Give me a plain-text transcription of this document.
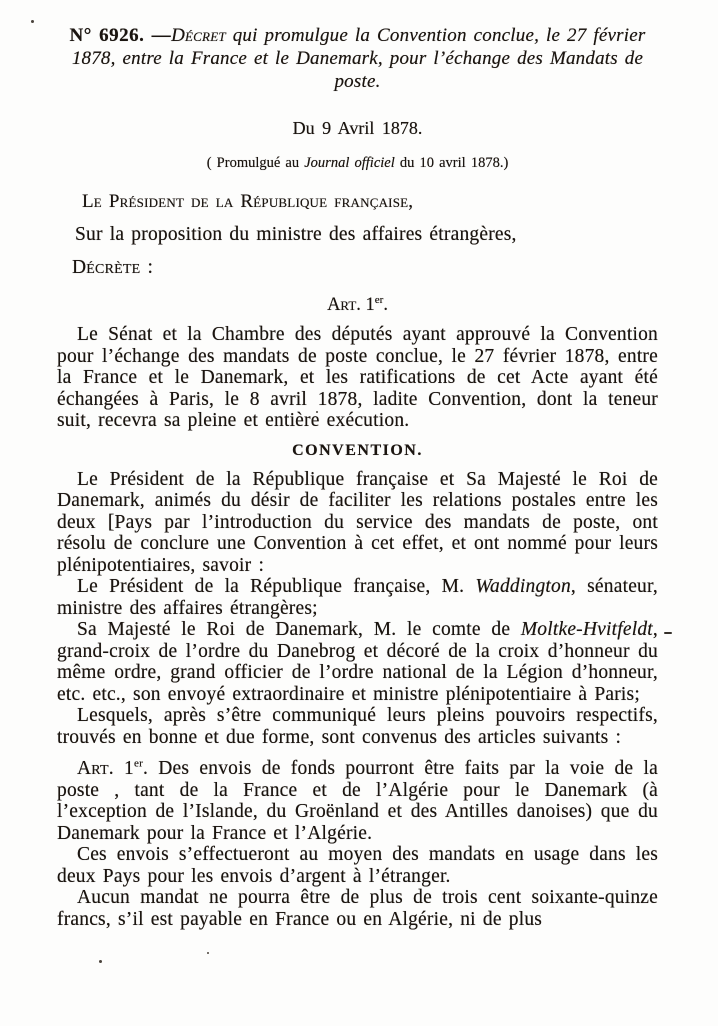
N° 6926. —Décret qui promulgue la Convention conclue, le 27 février 1878, entre la France et le Danemark, pour l’échange des Mandats de poste.

Du 9 Avril 1878.

( Promulgué au Journal officiel du 10 avril 1878.)

Le Président de la République française,

Sur la proposition du ministre des affaires étrangères,

Décrète :

Art. 1er.

Le Sénat et la Chambre des députés ayant approuvé la Convention pour l’échange des mandats de poste conclue, le 27 février 1878, entre la France et le Danemark, et les ratifications de cet Acte ayant été échangées à Paris, le 8 avril 1878, ladite Convention, dont la teneur suit, recevra sa pleine et entière exécution.

CONVENTION.

Le Président de la République française et Sa Majesté le Roi de Danemark, animés du désir de faciliter les relations postales entre les deux [Pays par l’introduction du service des mandats de poste, ont résolu de conclure une Convention à cet effet, et ont nommé pour leurs plénipotentiaires, savoir :

Le Président de la République française, M. Waddington, sénateur, ministre des affaires étrangères;

Sa Majesté le Roi de Danemark, M. le comte de Moltke-Hvitfeldt, grand-croix de l’ordre du Danebrog et décoré de la croix d’honneur du même ordre, grand officier de l’ordre national de la Légion d’honneur, etc. etc., son envoyé extraordinaire et ministre plénipotentiaire à Paris;

Lesquels, après s’être communiqué leurs pleins pouvoirs respectifs, trouvés en bonne et due forme, sont convenus des articles suivants :

Art. 1er. Des envois de fonds pourront être faits par la voie de la poste , tant de la France et de l’Algérie pour le Danemark (à l’exception de l’Islande, du Groënland et des Antilles danoises) que du Danemark pour la France et l’Algérie.

Ces envois s’effectueront au moyen des mandats en usage dans les deux Pays pour les envois d’argent à l’étranger.

Aucun mandat ne pourra être de plus de trois cent soixante-quinze francs, s’il est payable en France ou en Algérie, ni de plus
